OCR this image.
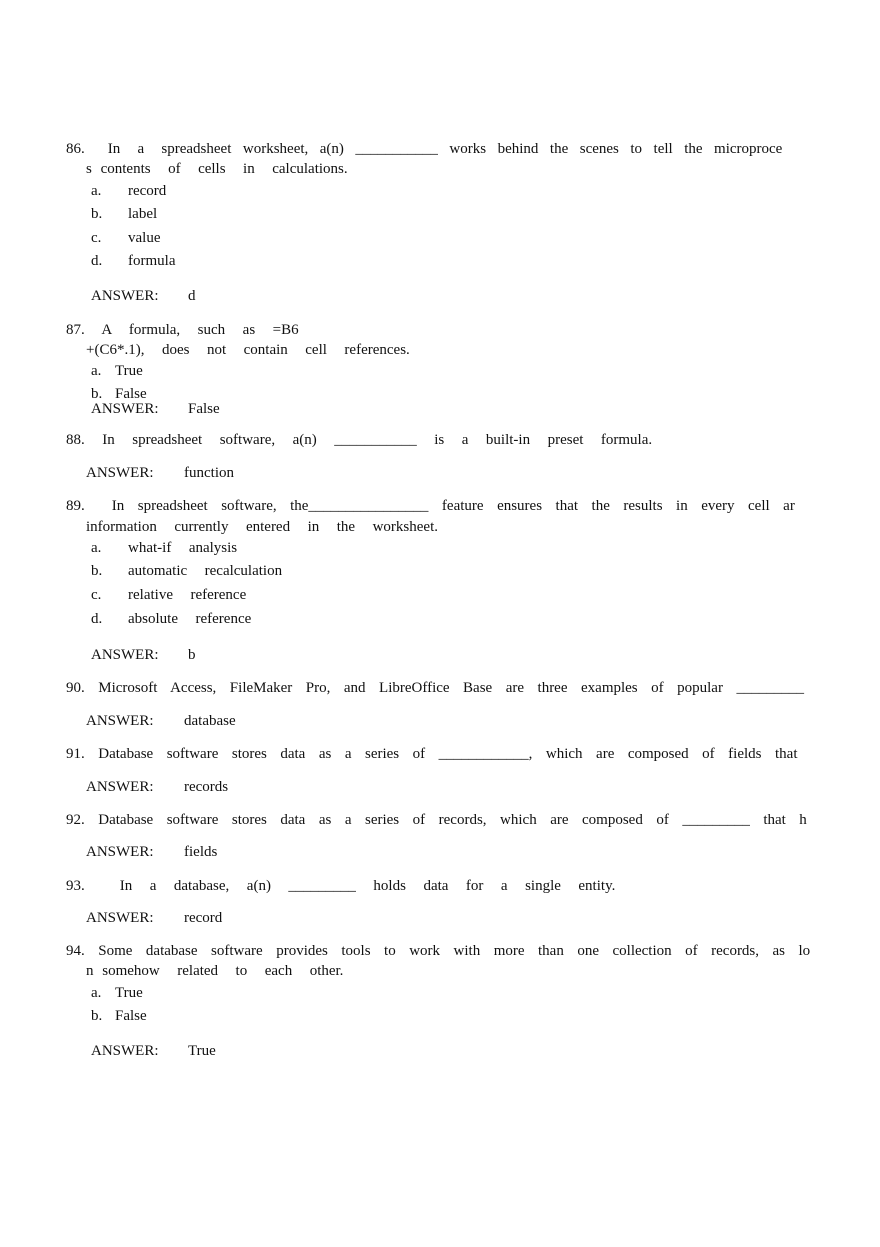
86.    In   a   spreadsheet  worksheet,  a(n)  ___________  works  behind  the  scenes  to  tell  the  microproce
s contents  of  cells  in  calculations.
a. record
b. label
c. value
d. formula
ANSWER: d
87.  A  formula,  such  as  =B6
+(C6*.1),  does  not  contain  cell  references.
a. True
b. False
ANSWER: False
88.  In  spreadsheet  software,  a(n)  ___________  is  a  built-in  preset  formula.
ANSWER: function
89.    In  spreadsheet  software,  the________________  feature  ensures  that  the  results  in  every  cell  ar
information  currently  entered  in  the  worksheet.
a. what-if  analysis
b. automatic  recalculation
c. relative  reference
d. absolute  reference
ANSWER: b
90.  Microsoft  Access,  FileMaker  Pro,  and  LibreOffice  Base  are  three  examples  of  popular  _________
ANSWER: database
91.  Database  software  stores  data  as  a  series  of  ____________,  which  are  composed  of  fields  that
ANSWER: records
92.  Database  software  stores  data  as  a  series  of  records,  which  are  composed  of  _________  that  h
ANSWER: fields
93.    In  a  database,  a(n)  _________  holds  data  for  a  single  entity.
ANSWER: record
94.  Some  database  software  provides  tools  to  work  with  more  than  one  collection  of  records,  as  lo
n somehow  related  to  each  other.
a. True
b. False
ANSWER: True
